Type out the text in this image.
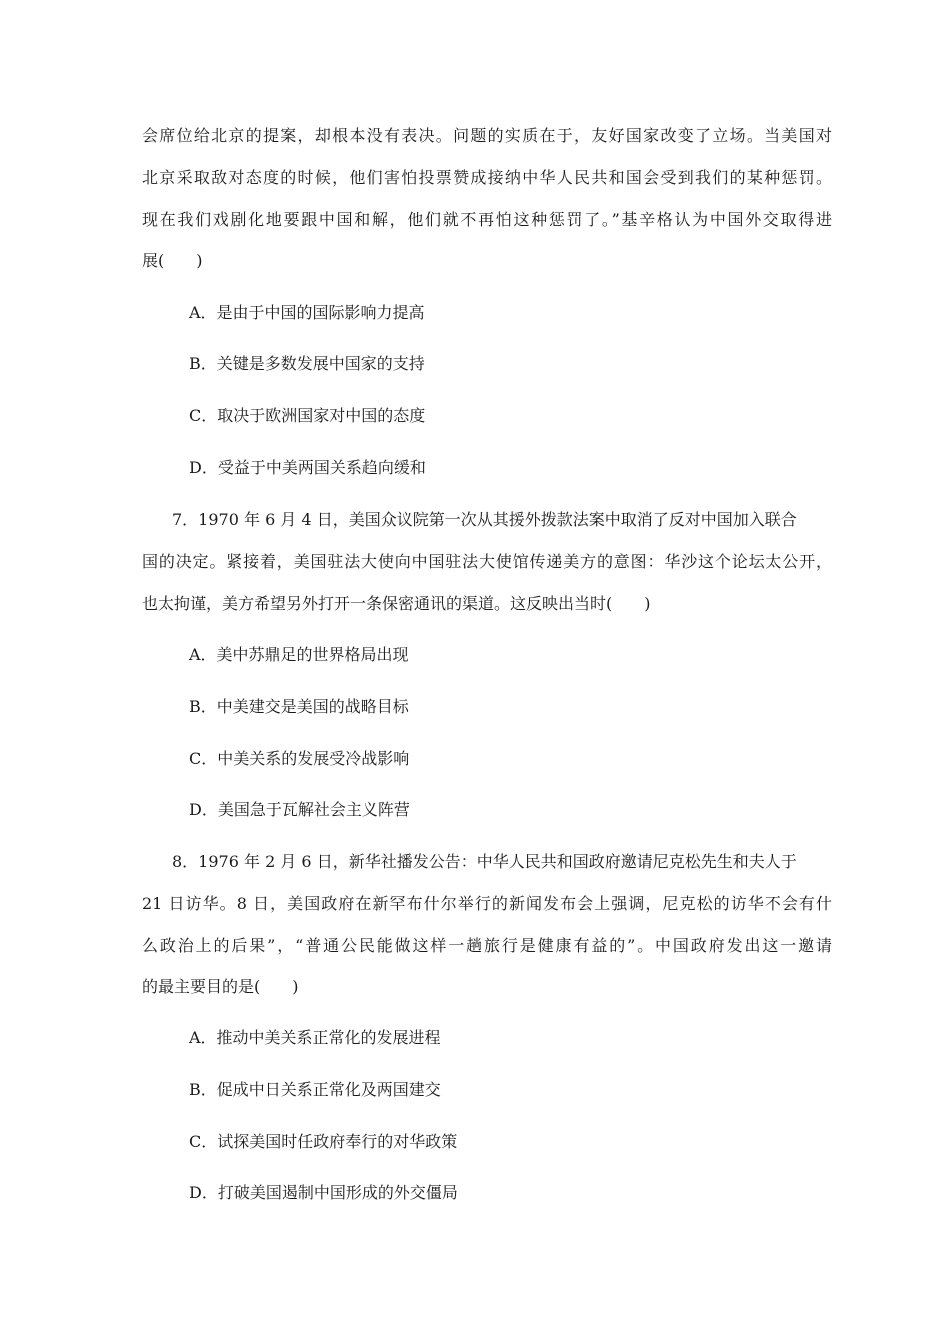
会席位给北京的提案，却根本没有表决。问题的实质在于，友好国家改变了立场。当美国对
北京采取敌对态度的时候，他们害怕投票赞成接纳中华人民共和国会受到我们的某种惩罚。
现在我们戏剧化地要跟中国和解，他们就不再怕这种惩罚了。”基辛格认为中国外交取得进
展(　　)
A．是由于中国的国际影响力提高
B．关键是多数发展中国家的支持
C．取决于欧洲国家对中国的态度
D．受益于中美两国关系趋向缓和
7．1970 年 6 月 4 日，美国众议院第一次从其援外拨款法案中取消了反对中国加入联合
国的决定。紧接着，美国驻法大使向中国驻法大使馆传递美方的意图：华沙这个论坛太公开，
也太拘谨，美方希望另外打开一条保密通讯的渠道。这反映出当时(　　)
A．美中苏鼎足的世界格局出现
B．中美建交是美国的战略目标
C．中美关系的发展受冷战影响
D．美国急于瓦解社会主义阵营
8．1976 年 2 月 6 日，新华社播发公告：中华人民共和国政府邀请尼克松先生和夫人于
21 日访华。8 日，美国政府在新罕布什尔举行的新闻发布会上强调，尼克松的访华不会有什
么政治上的后果”，“普通公民能做这样一趟旅行是健康有益的”。中国政府发出这一邀请
的最主要目的是(　　)
A．推动中美关系正常化的发展进程
B．促成中日关系正常化及两国建交
C．试探美国时任政府奉行的对华政策
D．打破美国遏制中国形成的外交僵局
